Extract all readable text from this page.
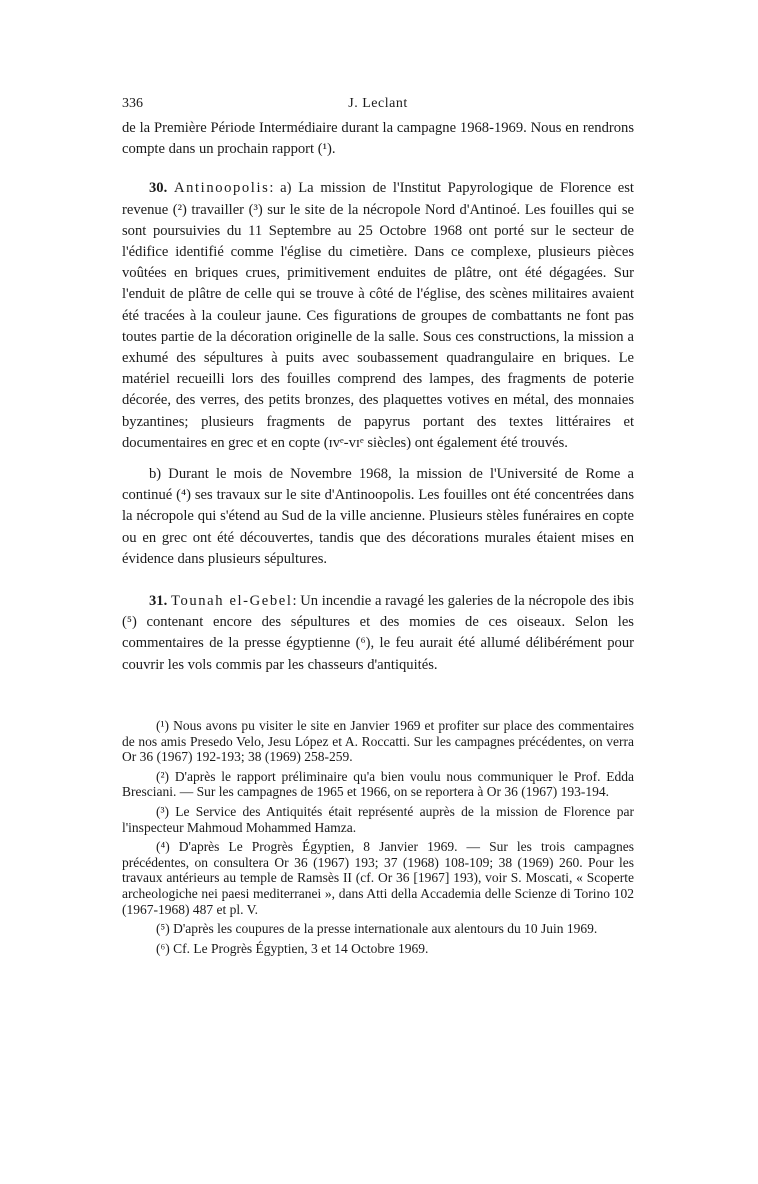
336	J. Leclant

de la Première Période Intermédiaire durant la campagne 1968-1969. Nous en rendrons compte dans un prochain rapport (¹).

30. Antinoopolis: a) La mission de l'Institut Papyrologique de Florence est revenue (²) travailler (³) sur le site de la nécropole Nord d'Antinoé. Les fouilles qui se sont poursuivies du 11 Septembre au 25 Octobre 1968 ont porté sur le secteur de l'édifice identifié comme l'église du cimetière. Dans ce complexe, plusieurs pièces voûtées en briques crues, primitivement enduites de plâtre, ont été dégagées. Sur l'enduit de plâtre de celle qui se trouve à côté de l'église, des scènes militaires avaient été tracées à la couleur jaune. Ces figurations de groupes de combattants ne font pas toutes partie de la décoration originelle de la salle. Sous ces constructions, la mission a exhumé des sépultures à puits avec soubassement quadrangulaire en briques. Le matériel recueilli lors des fouilles comprend des lampes, des fragments de poterie décorée, des verres, des petits bronzes, des plaquettes votives en métal, des monnaies byzantines; plusieurs fragments de papyrus portant des textes littéraires et documentaires en grec et en copte (ɪᴠᵉ-ᴠɪᵉ siècles) ont également été trouvés.

b) Durant le mois de Novembre 1968, la mission de l'Université de Rome a continué (⁴) ses travaux sur le site d'Antinoopolis. Les fouilles ont été concentrées dans la nécropole qui s'étend au Sud de la ville ancienne. Plusieurs stèles funéraires en copte ou en grec ont été découvertes, tandis que des décorations murales étaient mises en évidence dans plusieurs sépultures.

31. Tounah el-Gebel: Un incendie a ravagé les galeries de la nécropole des ibis (⁵) contenant encore des sépultures et des momies de ces oiseaux. Selon les commentaires de la presse égyptienne (⁶), le feu aurait été allumé délibérément pour couvrir les vols commis par les chasseurs d'antiquités.

(¹) Nous avons pu visiter le site en Janvier 1969 et profiter sur place des commentaires de nos amis Presedo Velo, Jesu López et A. Roccatti. Sur les campagnes précédentes, on verra Or 36 (1967) 192-193; 38 (1969) 258-259.

(²) D'après le rapport préliminaire qu'a bien voulu nous communiquer le Prof. Edda Bresciani. — Sur les campagnes de 1965 et 1966, on se reportera à Or 36 (1967) 193-194.

(³) Le Service des Antiquités était représenté auprès de la mission de Florence par l'inspecteur Mahmoud Mohammed Hamza.

(⁴) D'après Le Progrès Égyptien, 8 Janvier 1969. — Sur les trois campagnes précédentes, on consultera Or 36 (1967) 193; 37 (1968) 108-109; 38 (1969) 260. Pour les travaux antérieurs au temple de Ramsès II (cf. Or 36 [1967] 193), voir S. Moscati, « Scoperte archeologiche nei paesi mediterranei », dans Atti della Accademia delle Scienze di Torino 102 (1967-1968) 487 et pl. V.

(⁵) D'après les coupures de la presse internationale aux alentours du 10 Juin 1969.

(⁶) Cf. Le Progrès Égyptien, 3 et 14 Octobre 1969.
